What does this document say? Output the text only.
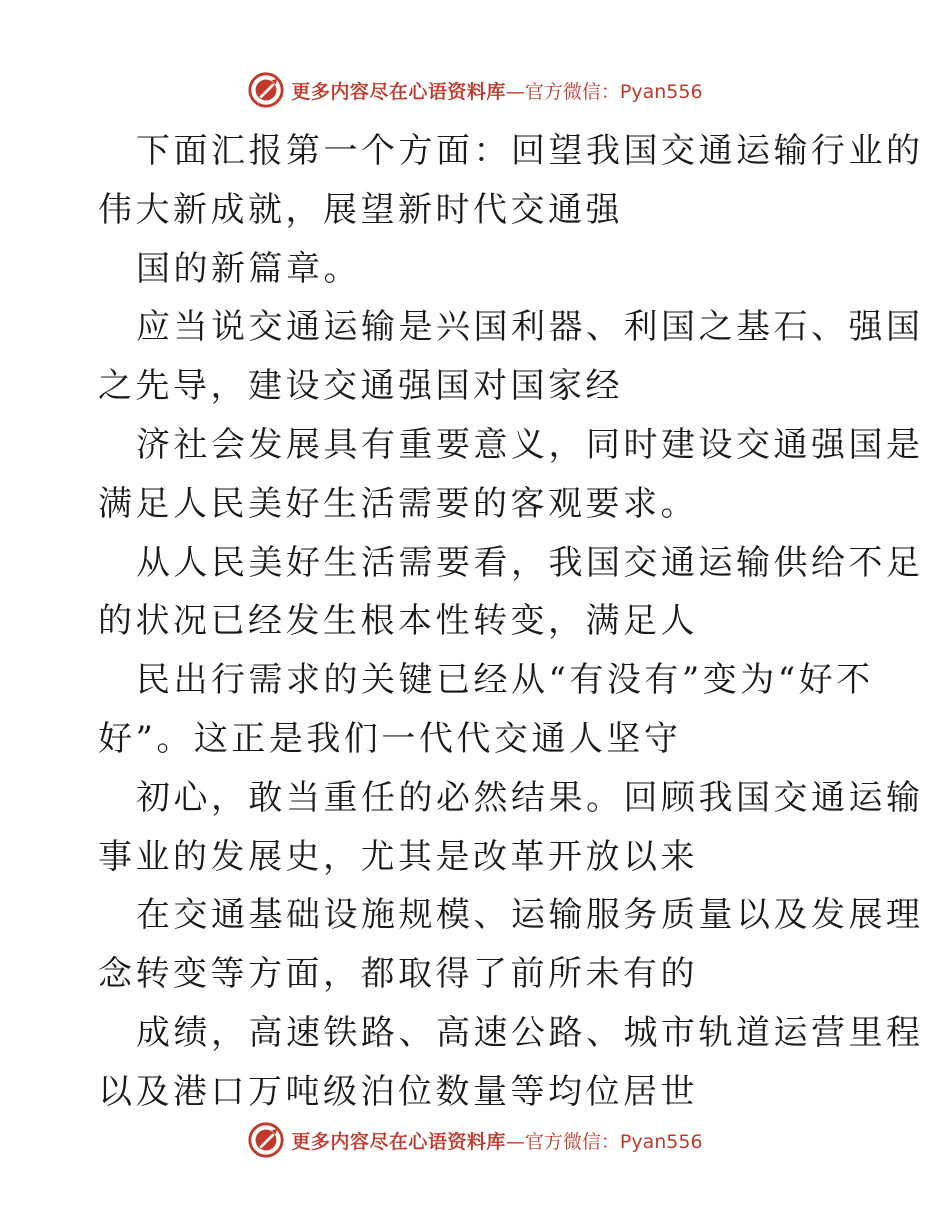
更多内容尽在心语资料库 —官方微信：Pyan556
下面汇报第一个方面：回望我国交通运输行业的
伟大新成就，展望新时代交通强
国的新篇章。
应当说交通运输是兴国利器、利国之基石、强国
之先导，建设交通强国对国家经
济社会发展具有重要意义，同时建设交通强国是
满足人民美好生活需要的客观要求。
从人民美好生活需要看，我国交通运输供给不足
的状况已经发生根本性转变，满足人
民出行需求的关键已经从“有没有”变为“好不
好”。这正是我们一代代交通人坚守
初心，敢当重任的必然结果。回顾我国交通运输
事业的发展史，尤其是改革开放以来
在交通基础设施规模、运输服务质量以及发展理
念转变等方面，都取得了前所未有的
成绩，高速铁路、高速公路、城市轨道运营里程
以及港口万吨级泊位数量等均位居世
更多内容尽在心语资料库 —官方微信：Pyan556
